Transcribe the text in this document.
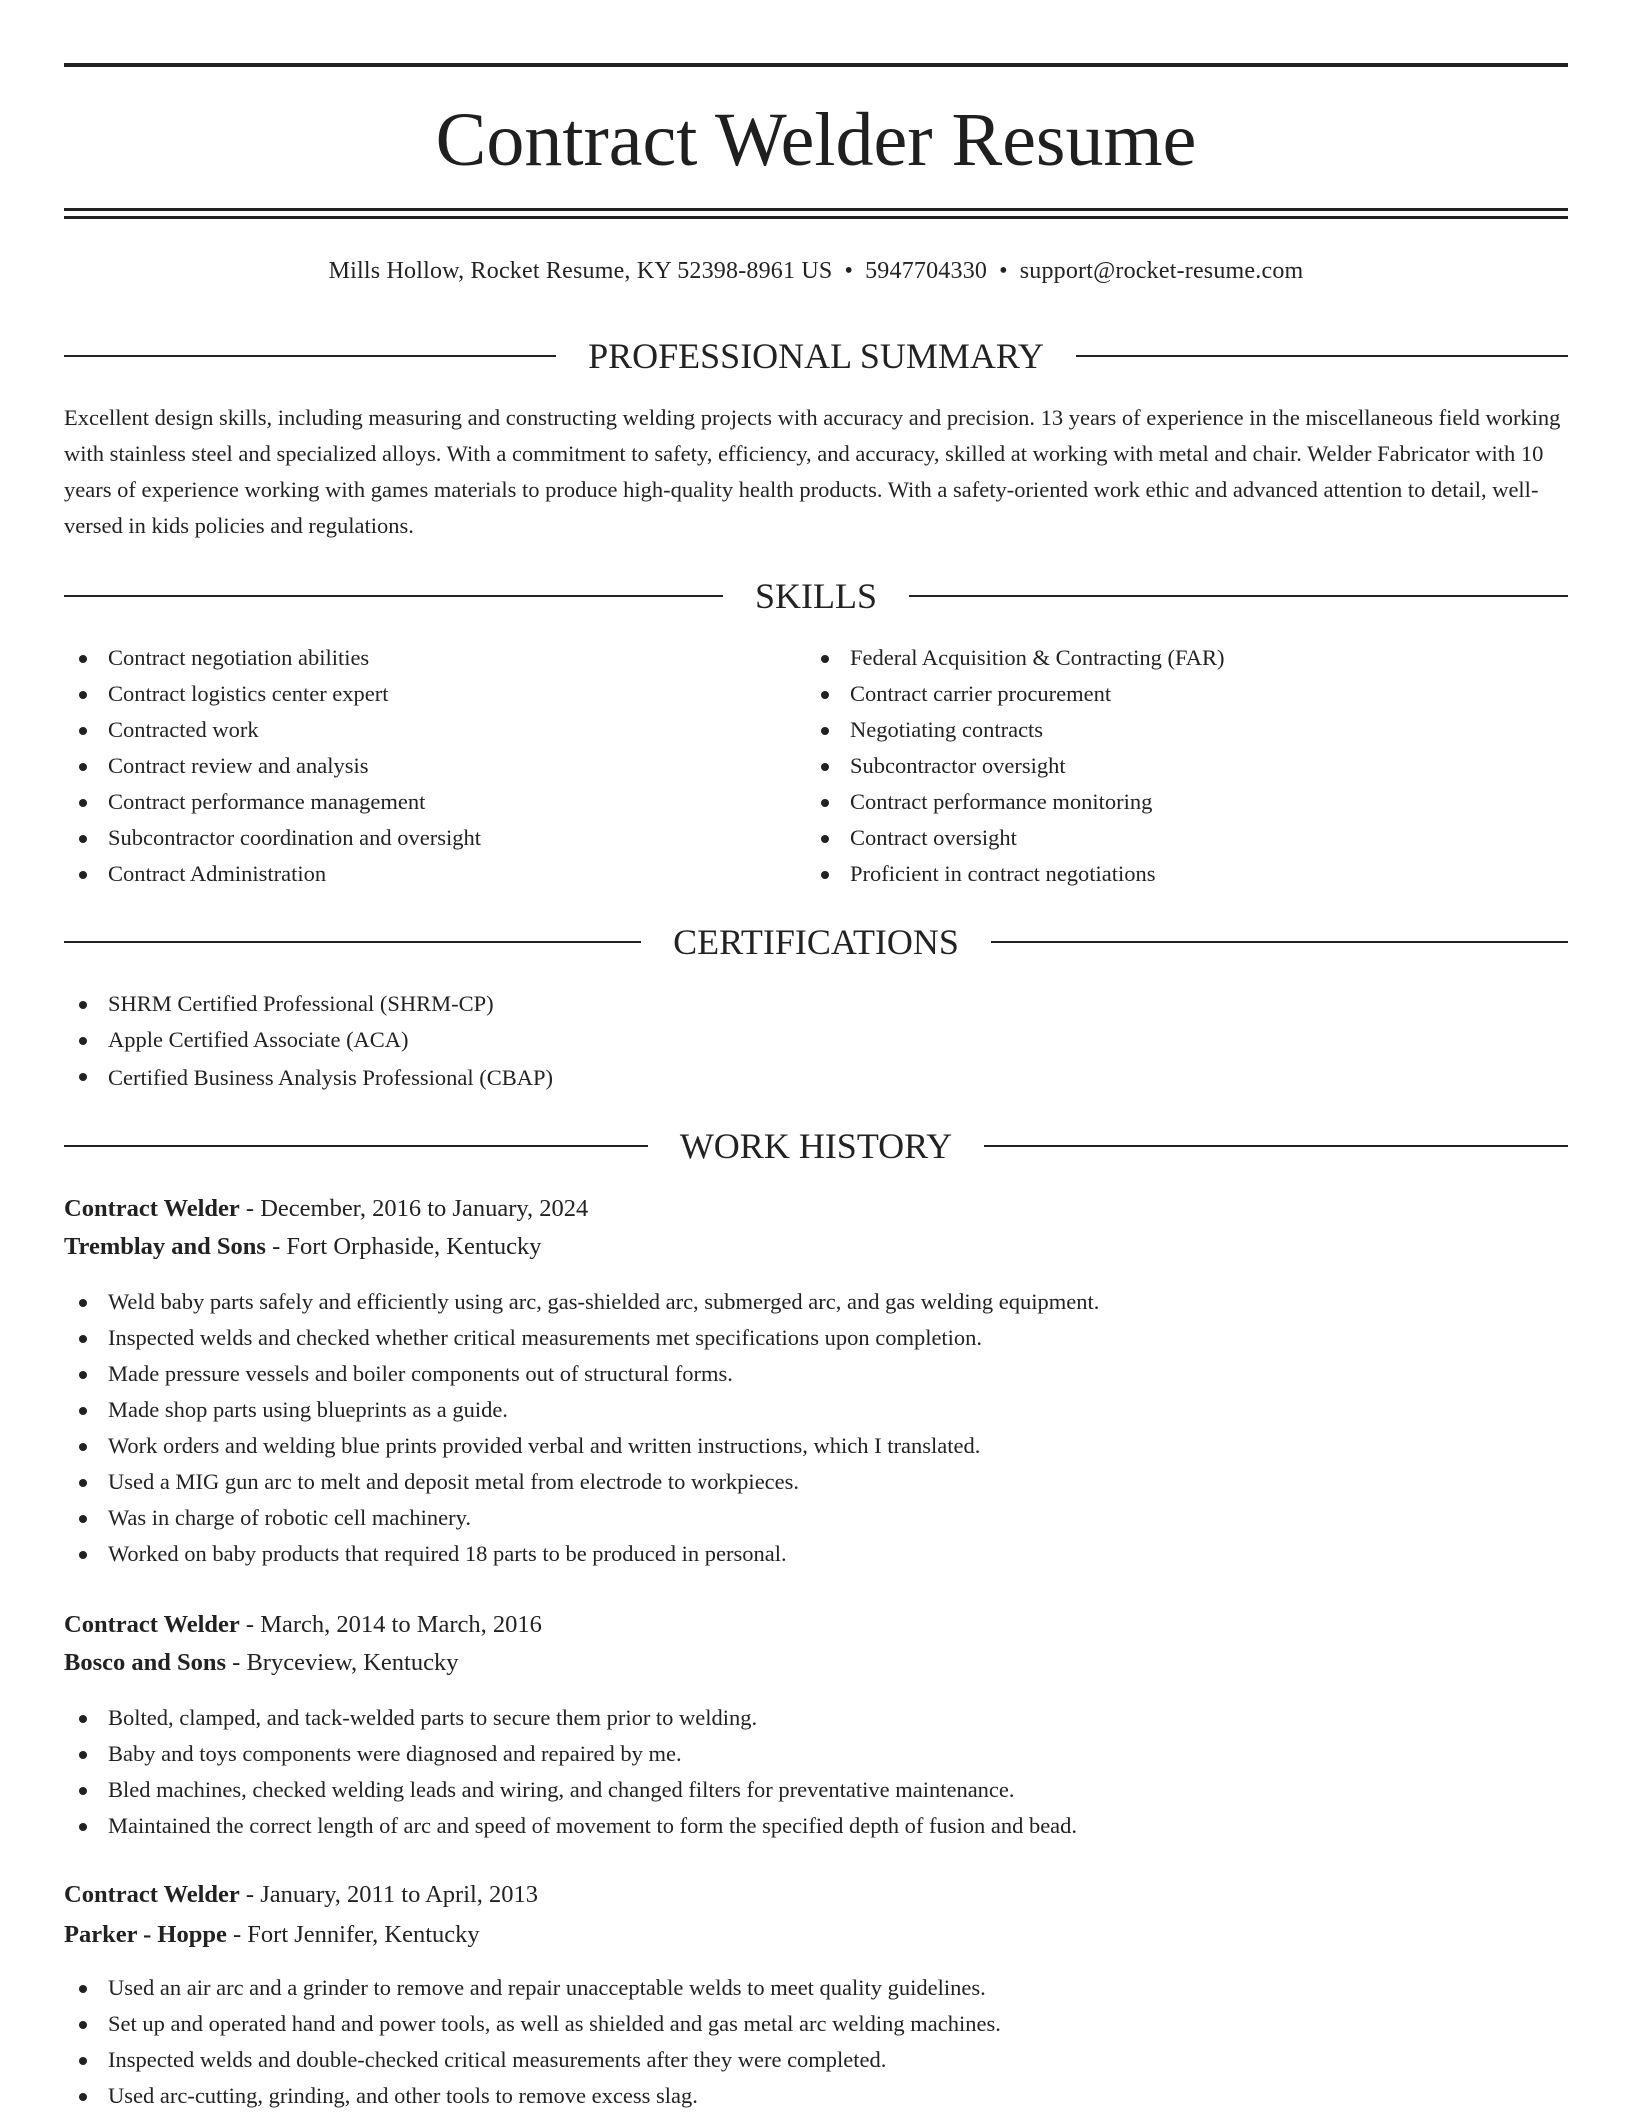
Contract Welder Resume
Mills Hollow, Rocket Resume, KY 52398-8961 US • 5947704330 • support@rocket-resume.com
PROFESSIONAL SUMMARY

Excellent design skills, including measuring and constructing welding projects with accuracy and precision. 13 years of experience in the miscellaneous field working with stainless steel and specialized alloys. With a commitment to safety, efficiency, and accuracy, skilled at working with metal and chair. Welder Fabricator with 10 years of experience working with games materials to produce high-quality health products. With a safety-oriented work ethic and advanced attention to detail, well-versed in kids policies and regulations.

SKILLS
Contract negotiation abilities
Contract logistics center expert
Contracted work
Contract review and analysis
Contract performance management
Subcontractor coordination and oversight
Contract Administration
Federal Acquisition & Contracting (FAR)
Contract carrier procurement
Negotiating contracts
Subcontractor oversight
Contract performance monitoring
Contract oversight
Proficient in contract negotiations
CERTIFICATIONS
SHRM Certified Professional (SHRM-CP)
Apple Certified Associate (ACA)
Certified Business Analysis Professional (CBAP)
WORK HISTORY
Contract Welder - December, 2016 to January, 2024
Tremblay and Sons - Fort Orphaside, Kentucky
Weld baby parts safely and efficiently using arc, gas-shielded arc, submerged arc, and gas welding equipment.
Inspected welds and checked whether critical measurements met specifications upon completion.
Made pressure vessels and boiler components out of structural forms.
Made shop parts using blueprints as a guide.
Work orders and welding blue prints provided verbal and written instructions, which I translated.
Used a MIG gun arc to melt and deposit metal from electrode to workpieces.
Was in charge of robotic cell machinery.
Worked on baby products that required 18 parts to be produced in personal.
Contract Welder - March, 2014 to March, 2016
Bosco and Sons - Bryceview, Kentucky
Bolted, clamped, and tack-welded parts to secure them prior to welding.
Baby and toys components were diagnosed and repaired by me.
Bled machines, checked welding leads and wiring, and changed filters for preventative maintenance.
Maintained the correct length of arc and speed of movement to form the specified depth of fusion and bead.
Contract Welder - January, 2011 to April, 2013
Parker - Hoppe - Fort Jennifer, Kentucky
Used an air arc and a grinder to remove and repair unacceptable welds to meet quality guidelines.
Set up and operated hand and power tools, as well as shielded and gas metal arc welding machines.
Inspected welds and double-checked critical measurements after they were completed.
Used arc-cutting, grinding, and other tools to remove excess slag.
